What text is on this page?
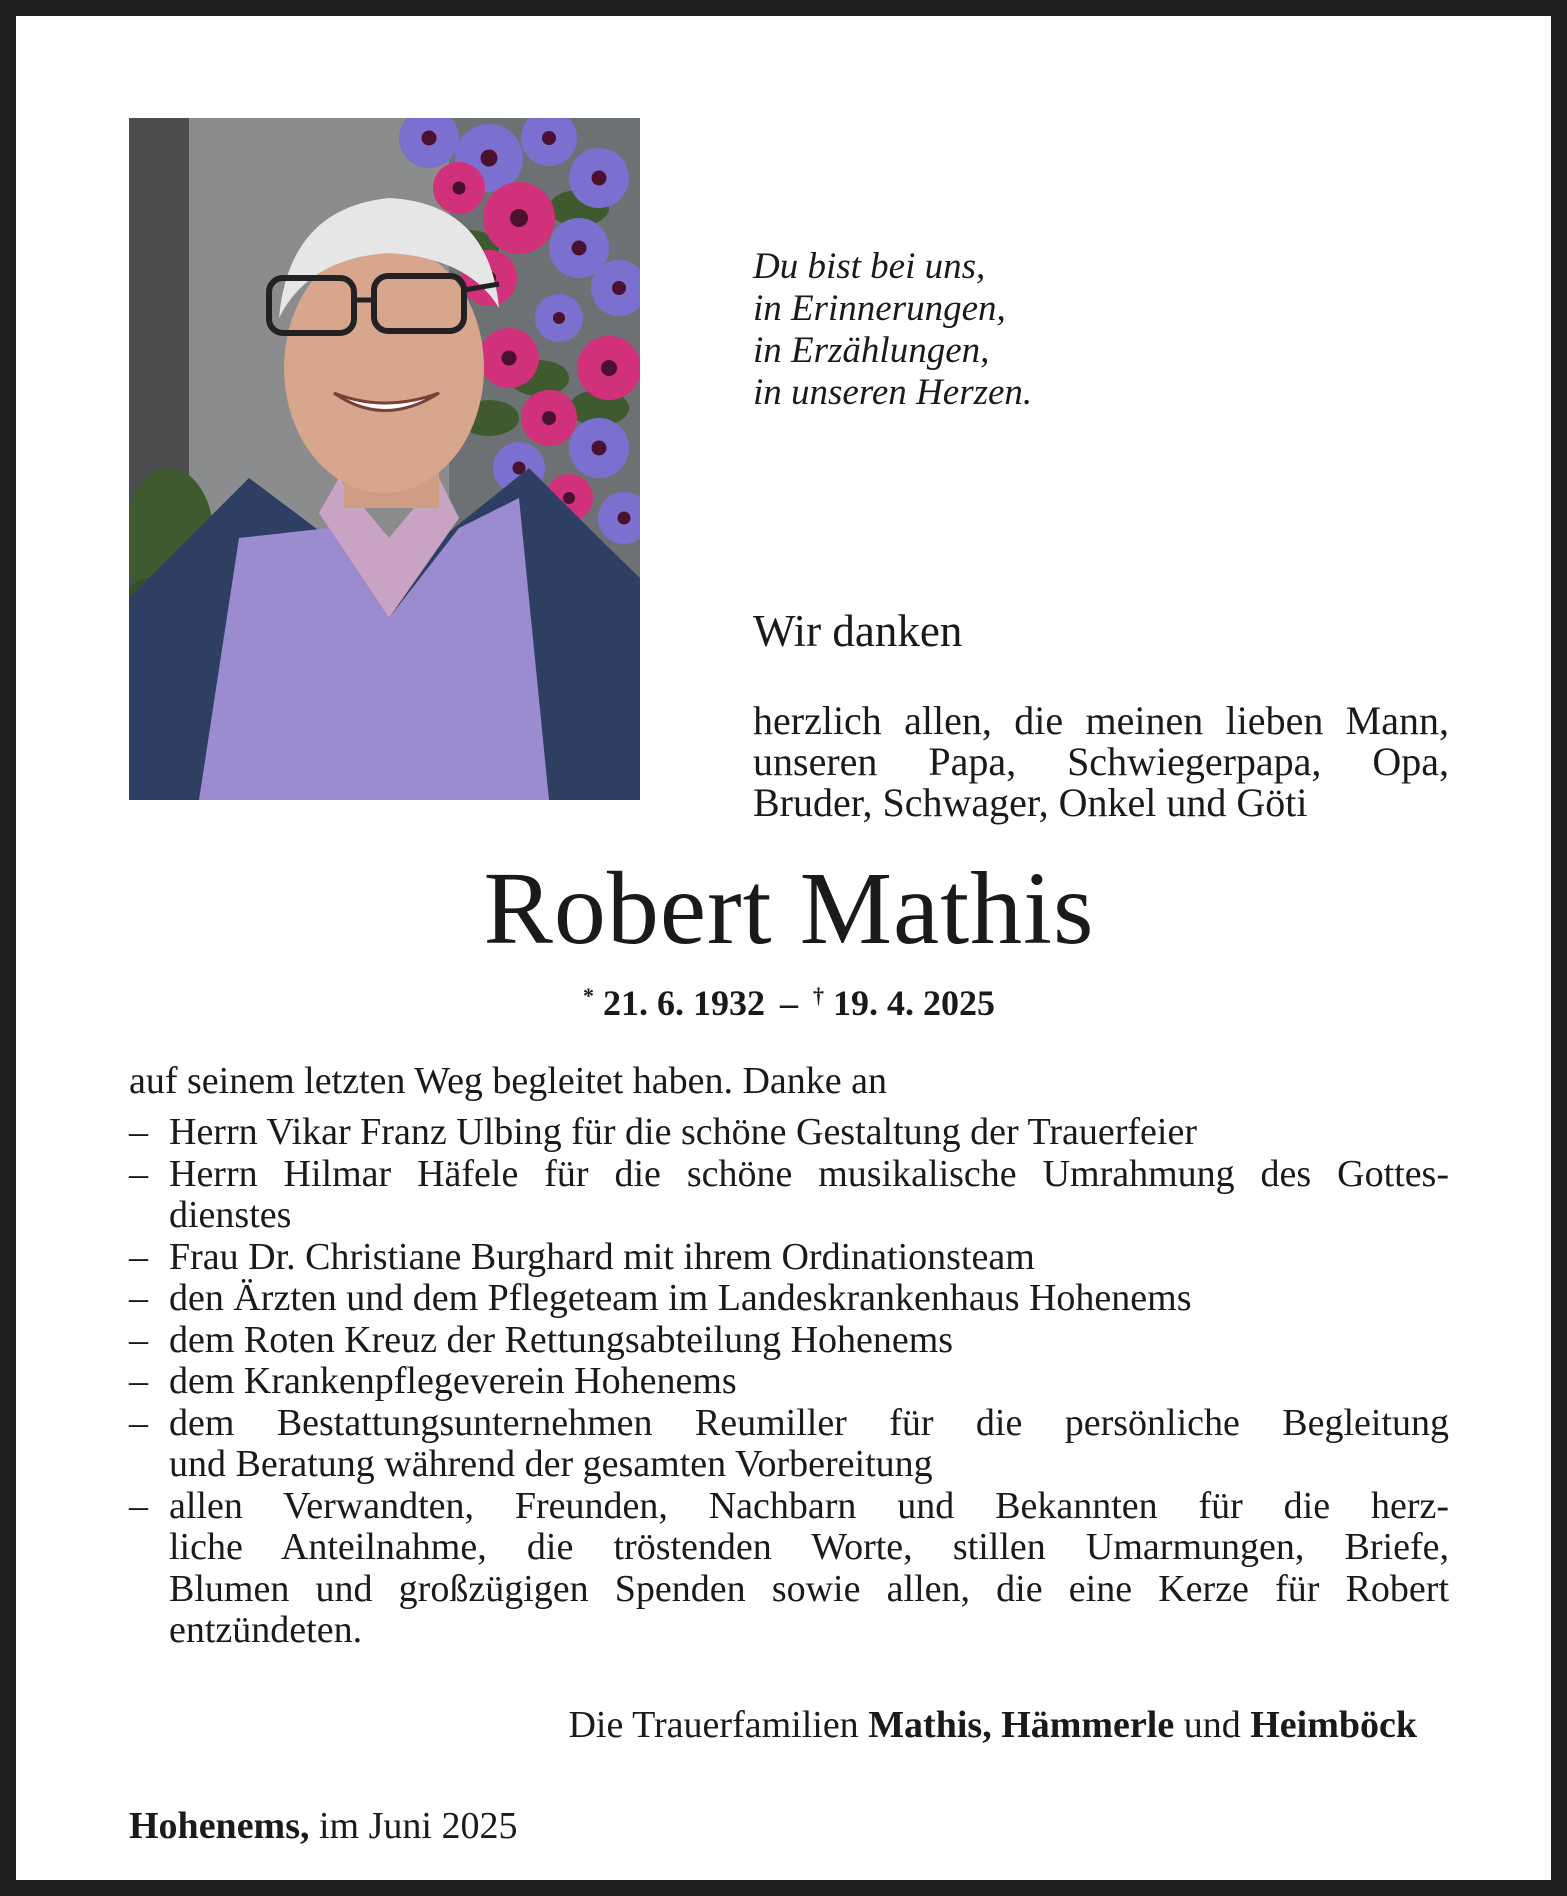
Du bist bei uns,
in Erinnerungen,
in Erzählungen,
in unseren Herzen.
Wir danken
herzlich allen, die meinen lieben Mann,
unseren Papa, Schwiegerpapa, Opa,
Bruder, Schwager, Onkel und Göti
Robert Mathis
* 21. 6. 1932 – † 19. 4. 2025
auf seinem letzten Weg begleitet haben. Danke an
– Herrn Vikar Franz Ulbing für die schöne Gestaltung der Trauerfeier
– Herrn Hilmar Häfele für die schöne musikalische Umrahmung des Gottes-
dienstes
– Frau Dr. Christiane Burghard mit ihrem Ordinationsteam
– den Ärzten und dem Pflegeteam im Landeskrankenhaus Hohenems
– dem Roten Kreuz der Rettungsabteilung Hohenems
– dem Krankenpflegeverein Hohenems
– dem Bestattungsunternehmen Reumiller für die persönliche Begleitung
und Beratung während der gesamten Vorbereitung
– allen Verwandten, Freunden, Nachbarn und Bekannten für die herz-
liche Anteilnahme, die tröstenden Worte, stillen Umarmungen, Briefe,
Blumen und großzügigen Spenden sowie allen, die eine Kerze für Robert
entzündeten.
Die Trauerfamilien Mathis, Hämmerle und Heimböck
Hohenems, im Juni 2025
